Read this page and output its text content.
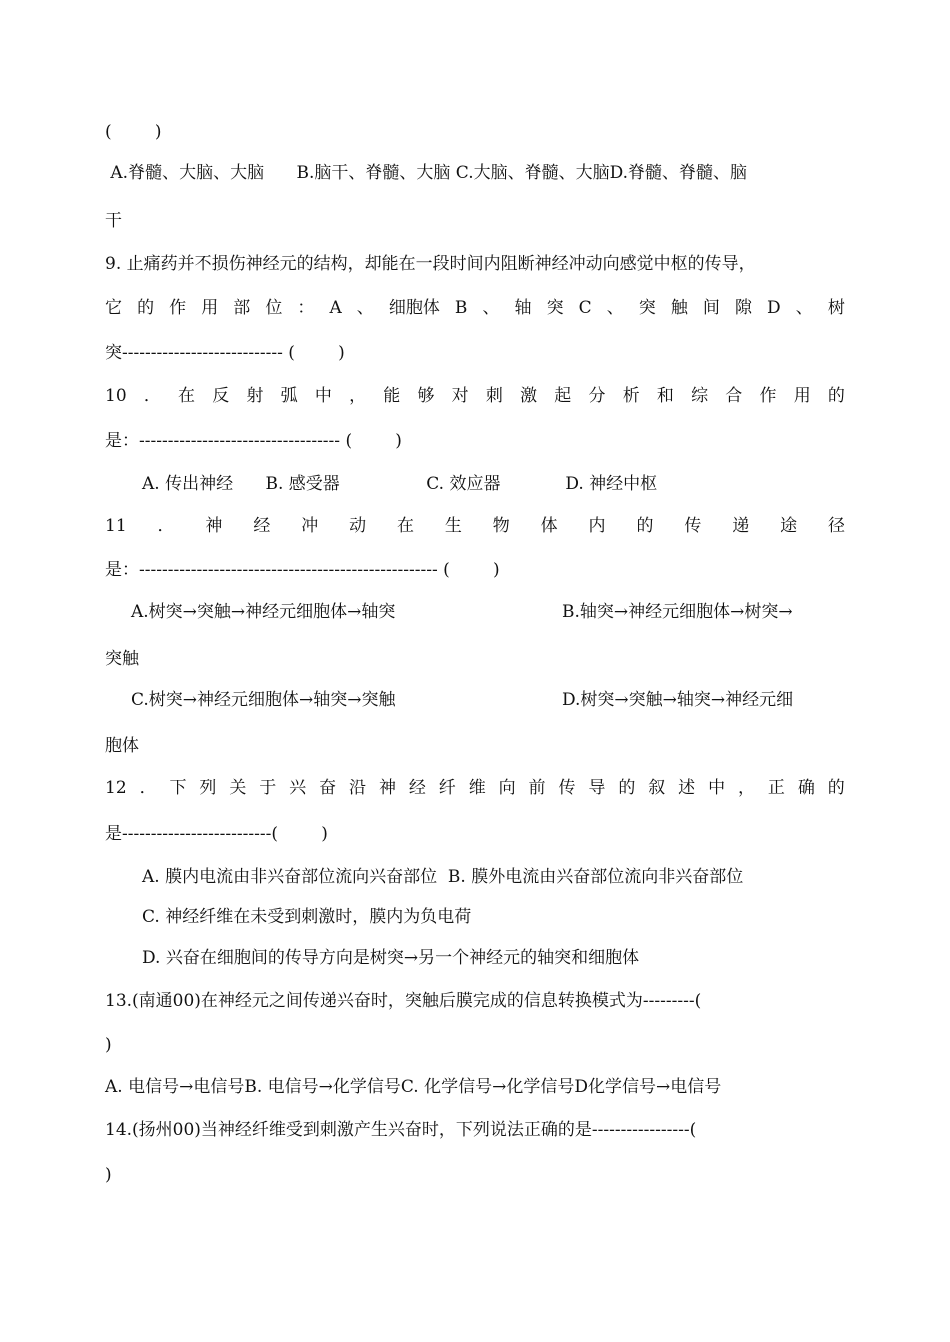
(        )
A.脊髓、大脑、大脑      B.脑干、脊髓、大脑 C.大脑、脊髓、大脑D.脊髓、脊髓、脑
干
9. 止痛药并不损伤神经元的结构，却能在一段时间内阻断神经冲动向感觉中枢的传导，
它 的 作 用 部 位 ： A 、 细胞体 B 、 轴 突 C 、 突 触 间 隙 D 、 树
突---------------------------- (        )
10 ． 在 反 射 弧 中 ， 能 够 对 刺 激 起 分 析 和 综 合 作 用 的
是：----------------------------------- (        )
A. 传出神经      B. 感受器                C. 效应器            D. 神经中枢
11 ． 神 经 冲 动 在 生 物 体 内 的 传 递 途 径
是：---------------------------------------------------- (        )
A.树突→突触→神经元细胞体→轴突	B.轴突→神经元细胞体→树突→
突触
C.树突→神经元细胞体→轴突→突触	D.树突→突触→轴突→神经元细
胞体
12 ． 下 列 关 于 兴 奋 沿 神 经 纤 维 向 前 传 导 的 叙 述 中 ， 正 确 的
是--------------------------(        )
A. 膜内电流由非兴奋部位流向兴奋部位  B. 膜外电流由兴奋部位流向非兴奋部位
C. 神经纤维在未受到刺激时，膜内为负电荷
D. 兴奋在细胞间的传导方向是树突→另一个神经元的轴突和细胞体
13.(南通00)在神经元之间传递兴奋时，突触后膜完成的信息转换模式为---------(
)
A. 电信号→电信号B. 电信号→化学信号C. 化学信号→化学信号D化学信号→电信号
14.(扬州00)当神经纤维受到刺激产生兴奋时，下列说法正确的是-----------------(
)
